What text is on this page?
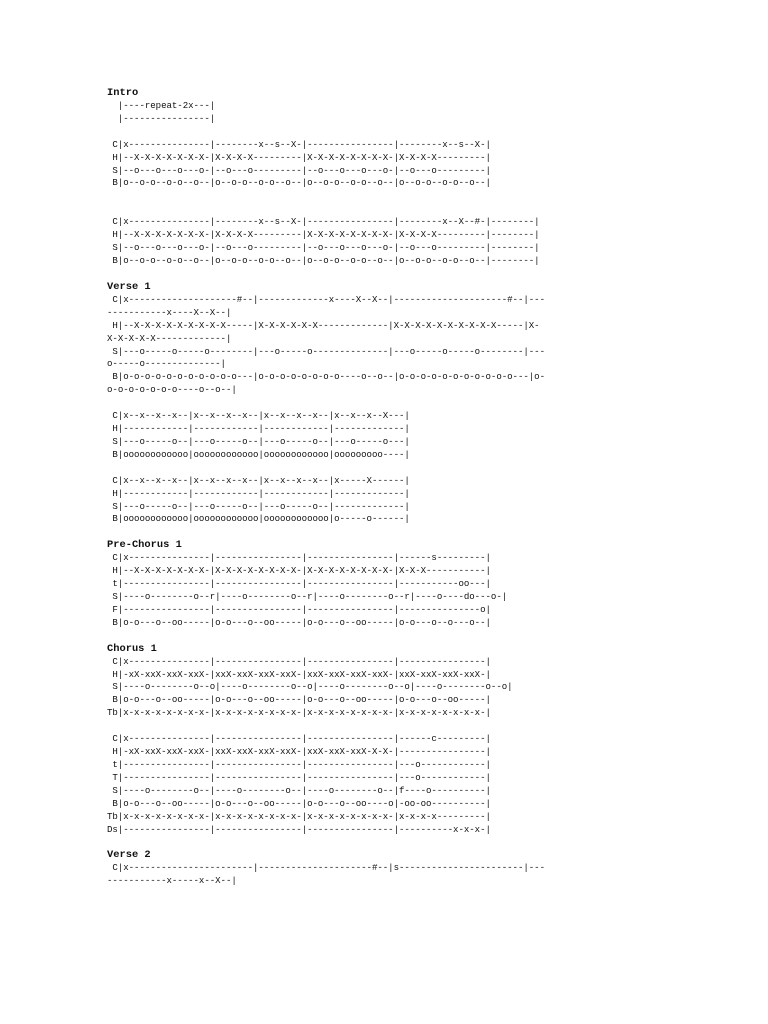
Intro
|----repeat-2x---|
|----------------|
C|x---------------|--------x--s--X-|----------------|--------x--s--X-|
H|--X-X-X-X-X-X-X-|X-X-X-X---------|X-X-X-X-X-X-X-X-|X-X-X-X---------|
S|--o---o---o---o-|--o---o---------|--o---o---o---o-|--o---o---------|
B|o--o-o--o-o--o--|o--o-o--o-o--o--|o--o-o--o-o--o--|o--o-o--o-o--o--|
C|x---------------|--------x--s--X-|----------------|--------x--X--#-|--------|
H|--X-X-X-X-X-X-X-|X-X-X-X---------|X-X-X-X-X-X-X-X-|X-X-X-X---------|--------|
S|--o---o---o---o-|--o---o---------|--o---o---o---o-|--o---o---------|--------|
B|o--o-o--o-o--o--|o--o-o--o-o--o--|o--o-o--o-o--o--|o--o-o--o-o--o--|--------|
Verse 1
C|x--------------------#--|-------------x----X--X--|---------------------#--|---
-----------x----X--X--|
H|--X-X-X-X-X-X-X-X-X-----|X-X-X-X-X-X-------------|X-X-X-X-X-X-X-X-X-X-----|X-
X-X-X-X-X-------------|
S|---o-----o-----o--------|---o-----o--------------|---o-----o-----o--------|---
o-----o--------------|
B|o-o-o-o-o-o-o-o-o-o-o---|o-o-o-o-o-o-o-o----o--o--|o-o-o-o-o-o-o-o-o-o-o---|o-
o-o-o-o-o-o-o----o--o--|
C|x--x--x--x--|x--x--x--x--|x--x--x--x--|x--x--x--X---|
H|------------|------------|------------|-------------|
S|---o-----o--|---o-----o--|---o-----o--|---o-----o---|
B|oooooooooooo|oooooooooooo|oooooooooooo|ooooooooo----|
C|x--x--x--x--|x--x--x--x--|x--x--x--x--|x-----X------|
H|------------|------------|------------|-------------|
S|---o-----o--|---o-----o--|---o-----o--|-------------|
B|oooooooooooo|oooooooooooo|oooooooooooo|o-----o------|
Pre-Chorus 1
C|x---------------|----------------|----------------|------s---------|
H|--X-X-X-X-X-X-X-|X-X-X-X-X-X-X-X-|X-X-X-X-X-X-X-X-|X-X-X-----------|
t|----------------|----------------|----------------|-----------oo---|
S|----o--------o--r|----o--------o--r|----o--------o--r|----o----do---o-|
F|----------------|----------------|----------------|---------------o|
B|o-o---o--oo-----|o-o---o--oo-----|o-o---o--oo-----|o-o---o--o---o--|
Chorus 1
C|x---------------|----------------|----------------|----------------|
H|-xX-xxX-xxX-xxX-|xxX-xxX-xxX-xxX-|xxX-xxX-xxX-xxX-|xxX-xxX-xxX-xxX-|
S|----o--------o--o|----o--------o--o|----o--------o--o|----o--------o--o|
B|o-o---o--oo-----|o-o---o--oo-----|o-o---o--oo-----|o-o---o--oo-----|
Tb|x-x-x-x-x-x-x-x-|x-x-x-x-x-x-x-x-|x-x-x-x-x-x-x-x-|x-x-x-x-x-x-x-x-|
C|x---------------|----------------|----------------|------c---------|
H|-xX-xxX-xxX-xxX-|xxX-xxX-xxX-xxX-|xxX-xxX-xxX-X-X-|----------------|
t|----------------|----------------|----------------|---o------------|
T|----------------|----------------|----------------|---o------------|
S|----o--------o--|----o--------o--|----o--------o--|f----o----------|
B|o-o---o--oo-----|o-o---o--oo-----|o-o---o--oo----o|-oo-oo----------|
Tb|x-x-x-x-x-x-x-x-|x-x-x-x-x-x-x-x-|x-x-x-x-x-x-x-x-|x-x-x-x---------|
Ds|----------------|----------------|----------------|----------x-x-x-|
Verse 2
C|x-----------------------|---------------------#--|s-----------------------|---
-----------x-----x--X--|
